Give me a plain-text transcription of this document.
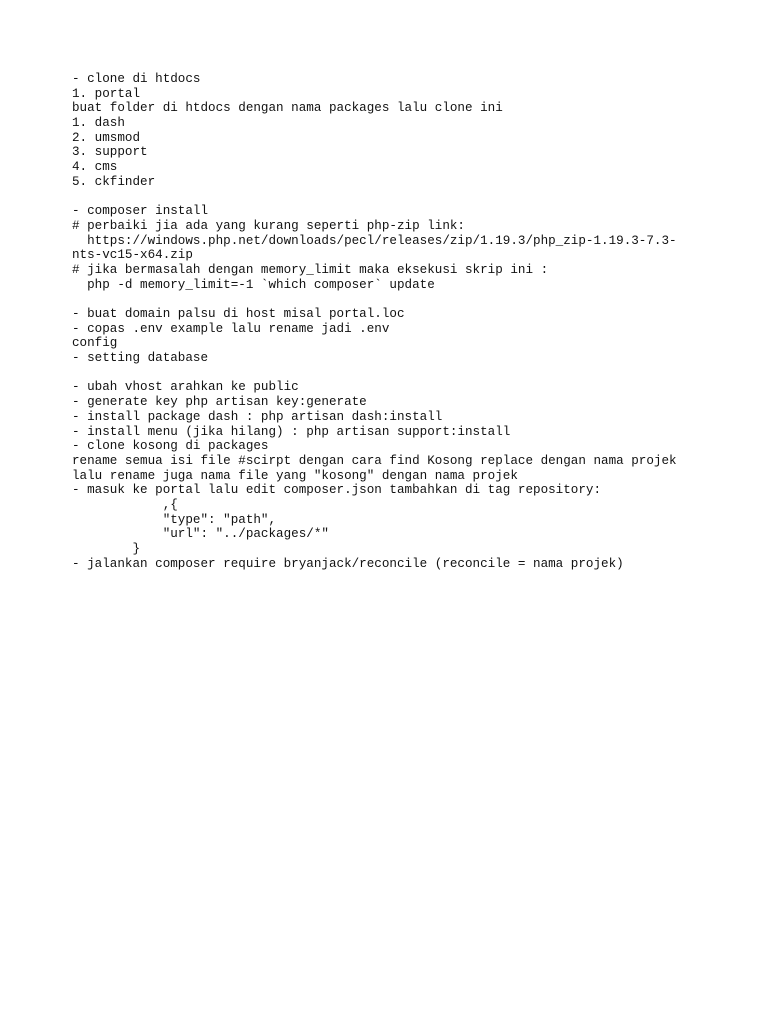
- clone di htdocs
1. portal
buat folder di htdocs dengan nama packages lalu clone ini
1. dash
2. umsmod
3. support
4. cms
5. ckfinder
- composer install
# perbaiki jia ada yang kurang seperti php-zip link:
https://windows.php.net/downloads/pecl/releases/zip/1.19.3/php_zip-1.19.3-7.3-
nts-vc15-x64.zip
# jika bermasalah dengan memory_limit maka eksekusi skrip ini :
php -d memory_limit=-1 `which composer` update
- buat domain palsu di host misal portal.loc
- copas .env example lalu rename jadi .env
config
- setting database
- ubah vhost arahkan ke public
- generate key php artisan key:generate
- install package dash : php artisan dash:install
- install menu (jika hilang) : php artisan support:install
- clone kosong di packages
rename semua isi file #scirpt dengan cara find Kosong replace dengan nama projek
lalu rename juga nama file yang "kosong" dengan nama projek
- masuk ke portal lalu edit composer.json tambahkan di tag repository:
,{
"type": "path",
"url": "../packages/*"
}
- jalankan composer require bryanjack/reconcile (reconcile = nama projek)
